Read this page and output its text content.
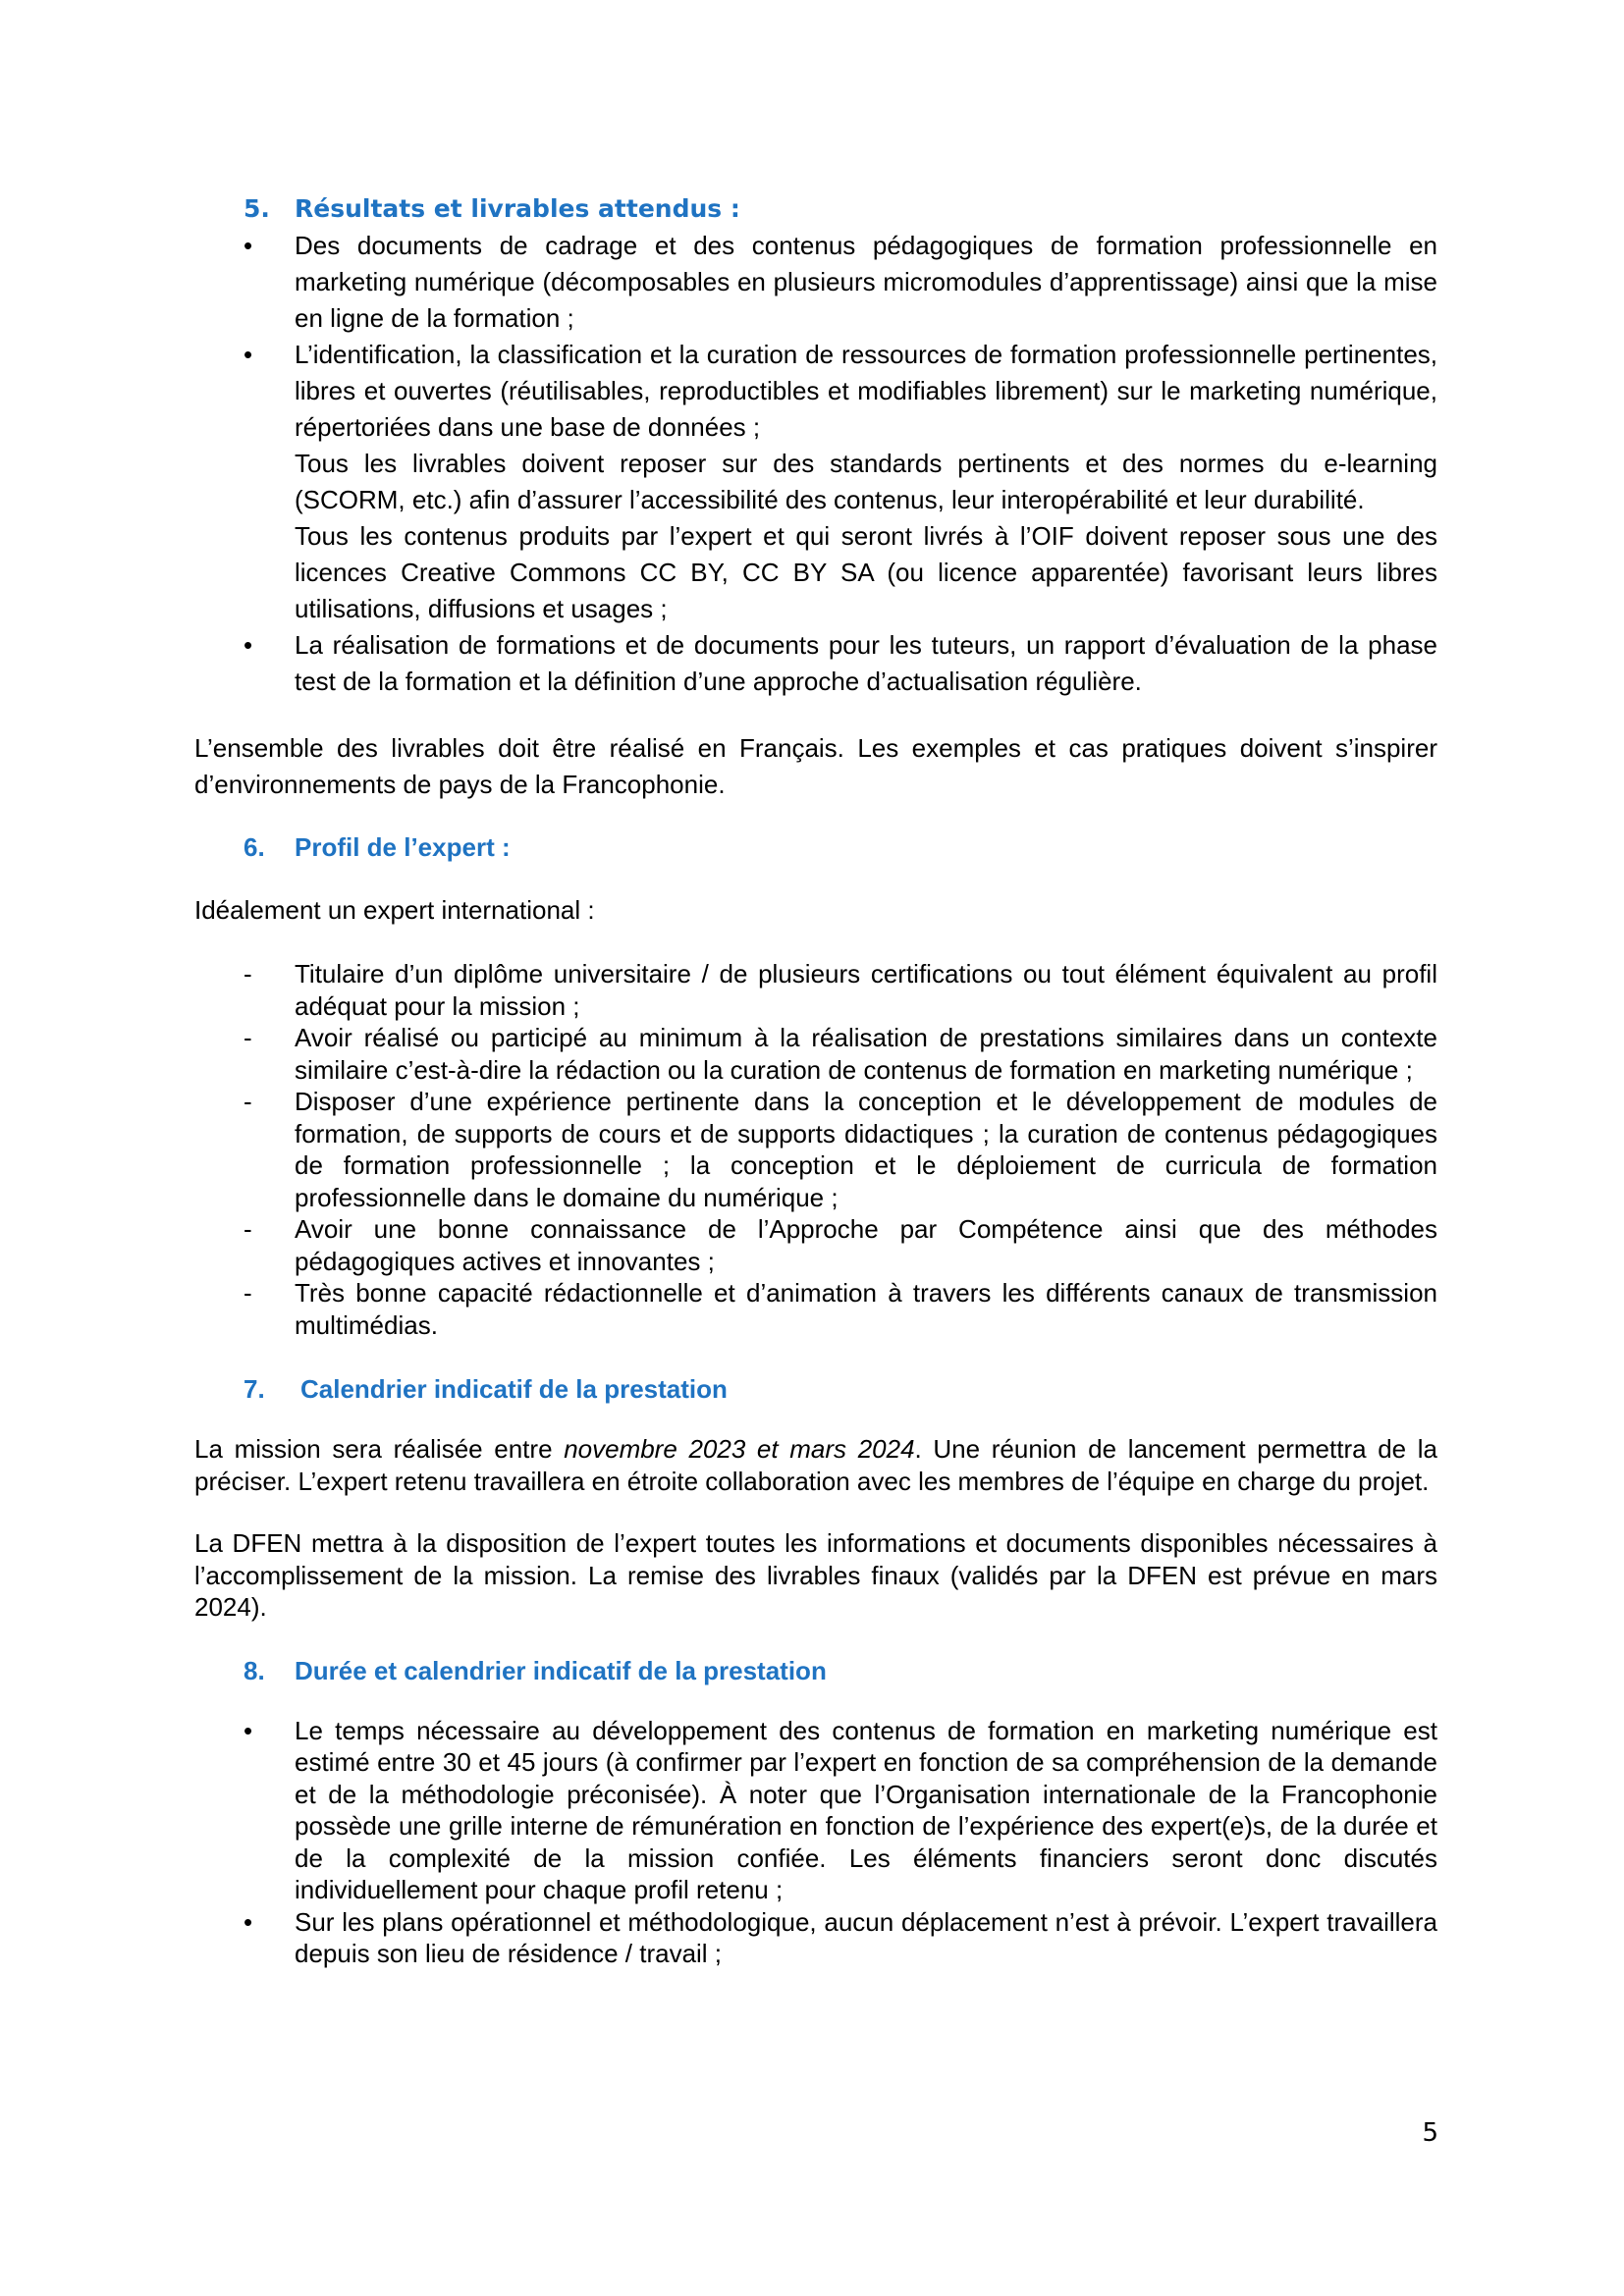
5.	Résultats et livrables attendus :
•	Des documents de cadrage et des contenus pédagogiques de formation professionnelle en marketing numérique (décomposables en plusieurs micromodules d’apprentissage) ainsi que la mise en ligne de la formation ;

•	L’identification, la classification et la curation de ressources de formation professionnelle pertinentes, libres et ouvertes (réutilisables, reproductibles et modifiables librement) sur le marketing numérique, répertoriées dans une base de données ;

Tous les livrables doivent reposer sur des standards pertinents et des normes du e-learning (SCORM, etc.) afin d’assurer l’accessibilité des contenus, leur interopérabilité et leur durabilité.

Tous les contenus produits par l’expert et qui seront livrés à l’OIF doivent reposer sous une des licences Creative Commons CC BY, CC BY SA (ou licence apparentée) favorisant leurs libres utilisations, diffusions et usages ;

•	La réalisation de formations et de documents pour les tuteurs, un rapport d’évaluation de la phase test de la formation et la définition d’une approche d’actualisation régulière.

L’ensemble des livrables doit être réalisé en Français. Les exemples et cas pratiques doivent s’inspirer d’environnements de pays de la Francophonie.

6.	Profil de l’expert :

Idéalement un expert international :

-	Titulaire d’un diplôme universitaire / de plusieurs certifications ou tout élément équivalent au profil adéquat pour la mission ;
-	Avoir réalisé ou participé au minimum à la réalisation de prestations similaires dans un contexte similaire c’est-à-dire la rédaction ou la curation de contenus de formation en marketing numérique ;
-	Disposer d’une expérience pertinente dans la conception et le développement de modules de formation, de supports de cours et de supports didactiques ; la curation de contenus pédagogiques de formation professionnelle ; la conception et le déploiement de curricula de formation professionnelle dans le domaine du numérique ;
-	Avoir une bonne connaissance de l’Approche par Compétence ainsi que des méthodes pédagogiques actives et innovantes ;
-	Très bonne capacité rédactionnelle et d’animation à travers les différents canaux de transmission multimédias.
7.	Calendrier indicatif de la prestation

La mission sera réalisée entre novembre 2023 et mars 2024. Une réunion de lancement permettra de la préciser. L’expert retenu travaillera en étroite collaboration avec les membres de l’équipe en charge du projet.

La DFEN mettra à la disposition de l’expert toutes les informations et documents disponibles nécessaires à l’accomplissement de la mission. La remise des livrables finaux (validés par la DFEN est prévue en mars 2024).

8.	Durée et calendrier indicatif de la prestation
•	Le temps nécessaire au développement des contenus de formation en marketing numérique est estimé entre 30 et 45 jours (à confirmer par l’expert en fonction de sa compréhension de la demande et de la méthodologie préconisée). À noter que l’Organisation internationale de la Francophonie possède une grille interne de rémunération en fonction de l’expérience des expert(e)s, de la durée et de la complexité de la mission confiée. Les éléments financiers seront donc discutés individuellement pour chaque profil retenu ;
•	Sur les plans opérationnel et méthodologique, aucun déplacement n’est à prévoir. L’expert travaillera depuis son lieu de résidence / travail ;
5
